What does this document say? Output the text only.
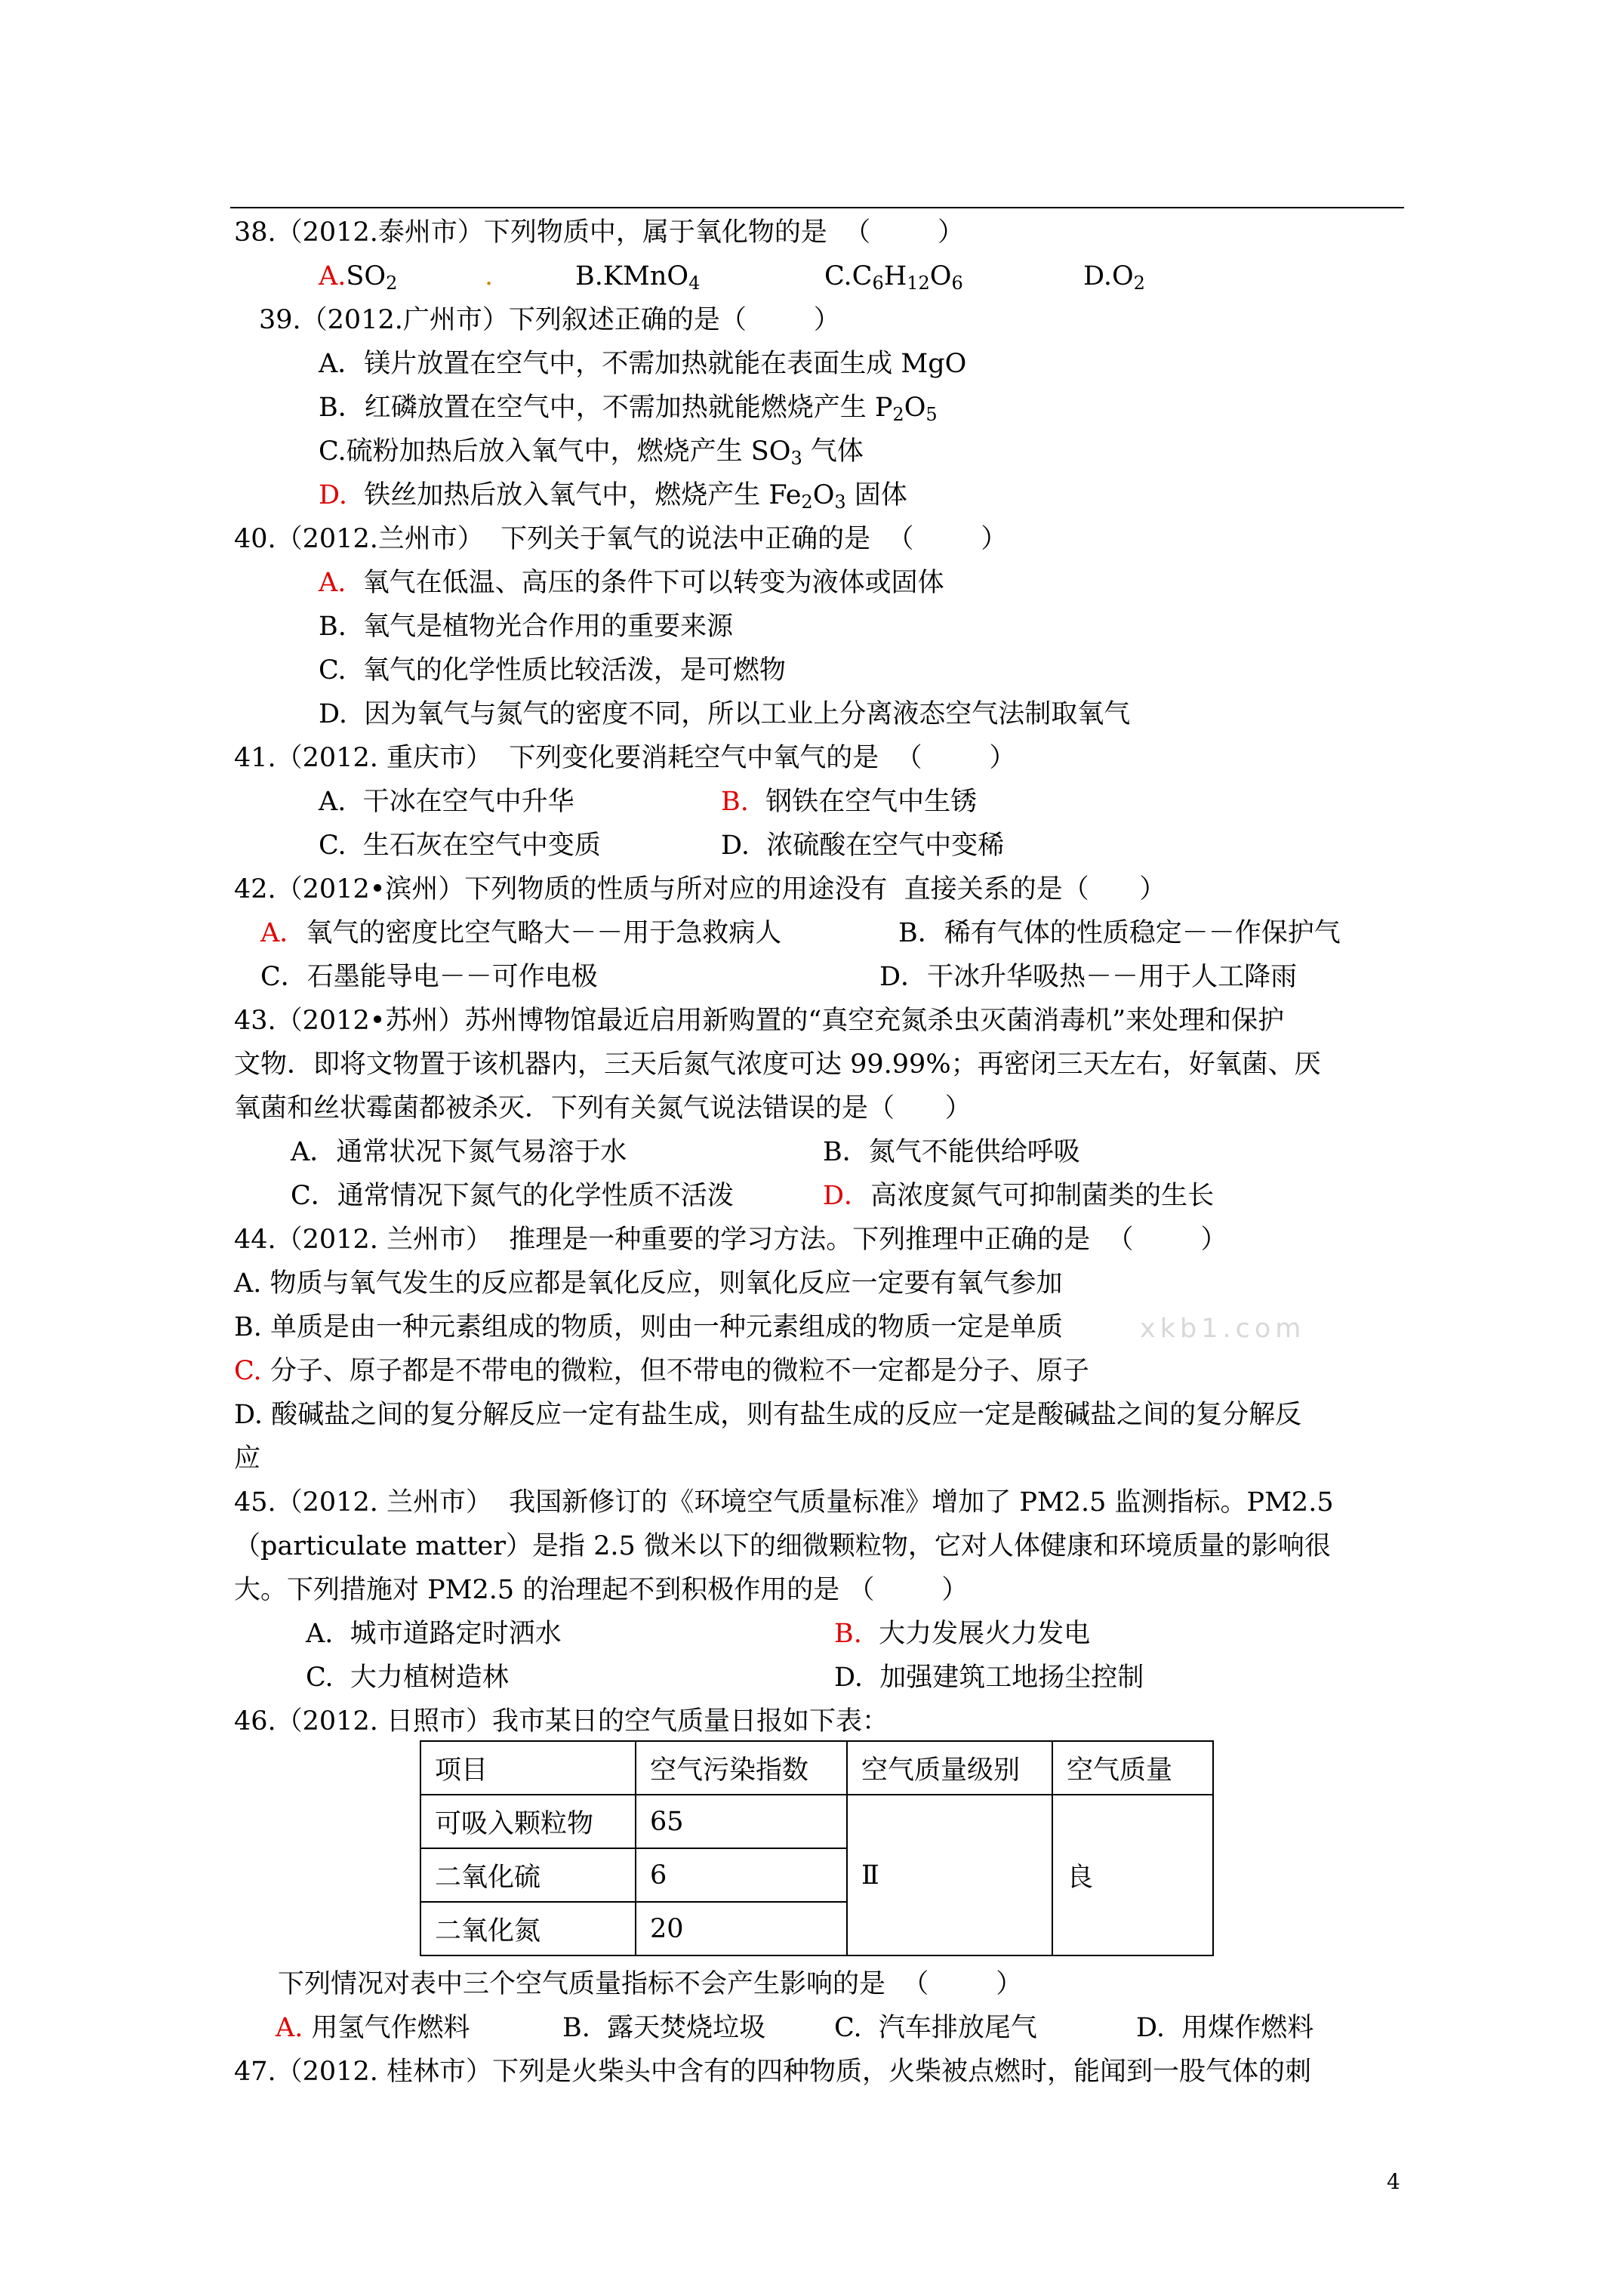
38.（2012.泰州市）下列物质中，属于氧化物的是  （        ）
$A.SO_2$	.	B.KMnO$_4$	$C.C_6H_{12}O_6$	$D.O_2$
39.（2012.广州市）下列叙述正确的是（        ）
A．镁片放置在空气中，不需加热就能在表面生成 MgO
B．红磷放置在空气中，不需加热就能燃烧产生 $P_2O_5$
C.硫粉加热后放入氧气中，燃烧产生 $SO_3$ 气体
D.  铁丝加热后放入氧气中，燃烧产生 $Fe_2O_3$ 固体
40.（2012.兰州市）  下列关于氧气的说法中正确的是  （        ）
A.  氧气在低温、高压的条件下可以转变为液体或固体
B.  氧气是植物光合作用的重要来源
C.  氧气的化学性质比较活泼，是可燃物
D.  因为氧气与氮气的密度不同，所以工业上分离液态空气法制取氧气
41.（2012. 重庆市）  下列变化要消耗空气中氧气的是  （        ）
A.  干冰在空气中升华	B.  钢铁在空气中生锈
C.  生石灰在空气中变质	D.  浓硫酸在空气中变稀
42.（2012•滨州）下列物质的性质与所对应的用途没有  直接关系的是（      ）
A．氧气的密度比空气略大－－用于急救病人	B．稀有气体的性质稳定－－作保护气
C．石墨能导电－－可作电极	D．干冰升华吸热－－用于人工降雨
43.（2012•苏州）苏州博物馆最近启用新购置的“真空充氮杀虫灭菌消毒机”来处理和保护
文物．即将文物置于该机器内，三天后氮气浓度可达 99.99%；再密闭三天左右，好氧菌、厌
氧菌和丝状霉菌都被杀灭．下列有关氮气说法错误的是（      ）
A．通常状况下氮气易溶于水	B．氮气不能供给呼吸
C．通常情况下氮气的化学性质不活泼	D．高浓度氮气可抑制菌类的生长
44.（2012. 兰州市）  推理是一种重要的学习方法。下列推理中正确的是  （        ）
A. 物质与氧气发生的反应都是氧化反应，则氧化反应一定要有氧气参加
B. 单质是由一种元素组成的物质，则由一种元素组成的物质一定是单质	xkb1.com
C. 分子、原子都是不带电的微粒，但不带电的微粒不一定都是分子、原子
D. 酸碱盐之间的复分解反应一定有盐生成，则有盐生成的反应一定是酸碱盐之间的复分解反
应
45.（2012. 兰州市）  我国新修订的《环境空气质量标准》增加了 PM2.5 监测指标。PM2.5
（particulate matter）是指 2.5 微米以下的细微颗粒物，它对人体健康和环境质量的影响很
大。下列措施对 PM2.5 的治理起不到积极作用的是 （        ）
A.  城市道路定时洒水	B.  大力发展火力发电
C.  大力植树造林	D.  加强建筑工地扬尘控制
46.（2012. 日照市）我市某日的空气质量日报如下表：
项目	空气污染指数	空气质量级别	空气质量
可吸入颗粒物	65	Ⅱ	良
二氧化硫	6		
二氧化氮	20		
下列情况对表中三个空气质量指标不会产生影响的是  （        ）
A. 用氢气作燃料	B.  露天焚烧垃圾	C.  汽车排放尾气	D.  用煤作燃料
47.（2012. 桂林市）下列是火柴头中含有的四种物质，火柴被点燃时，能闻到一股气体的刺
4
